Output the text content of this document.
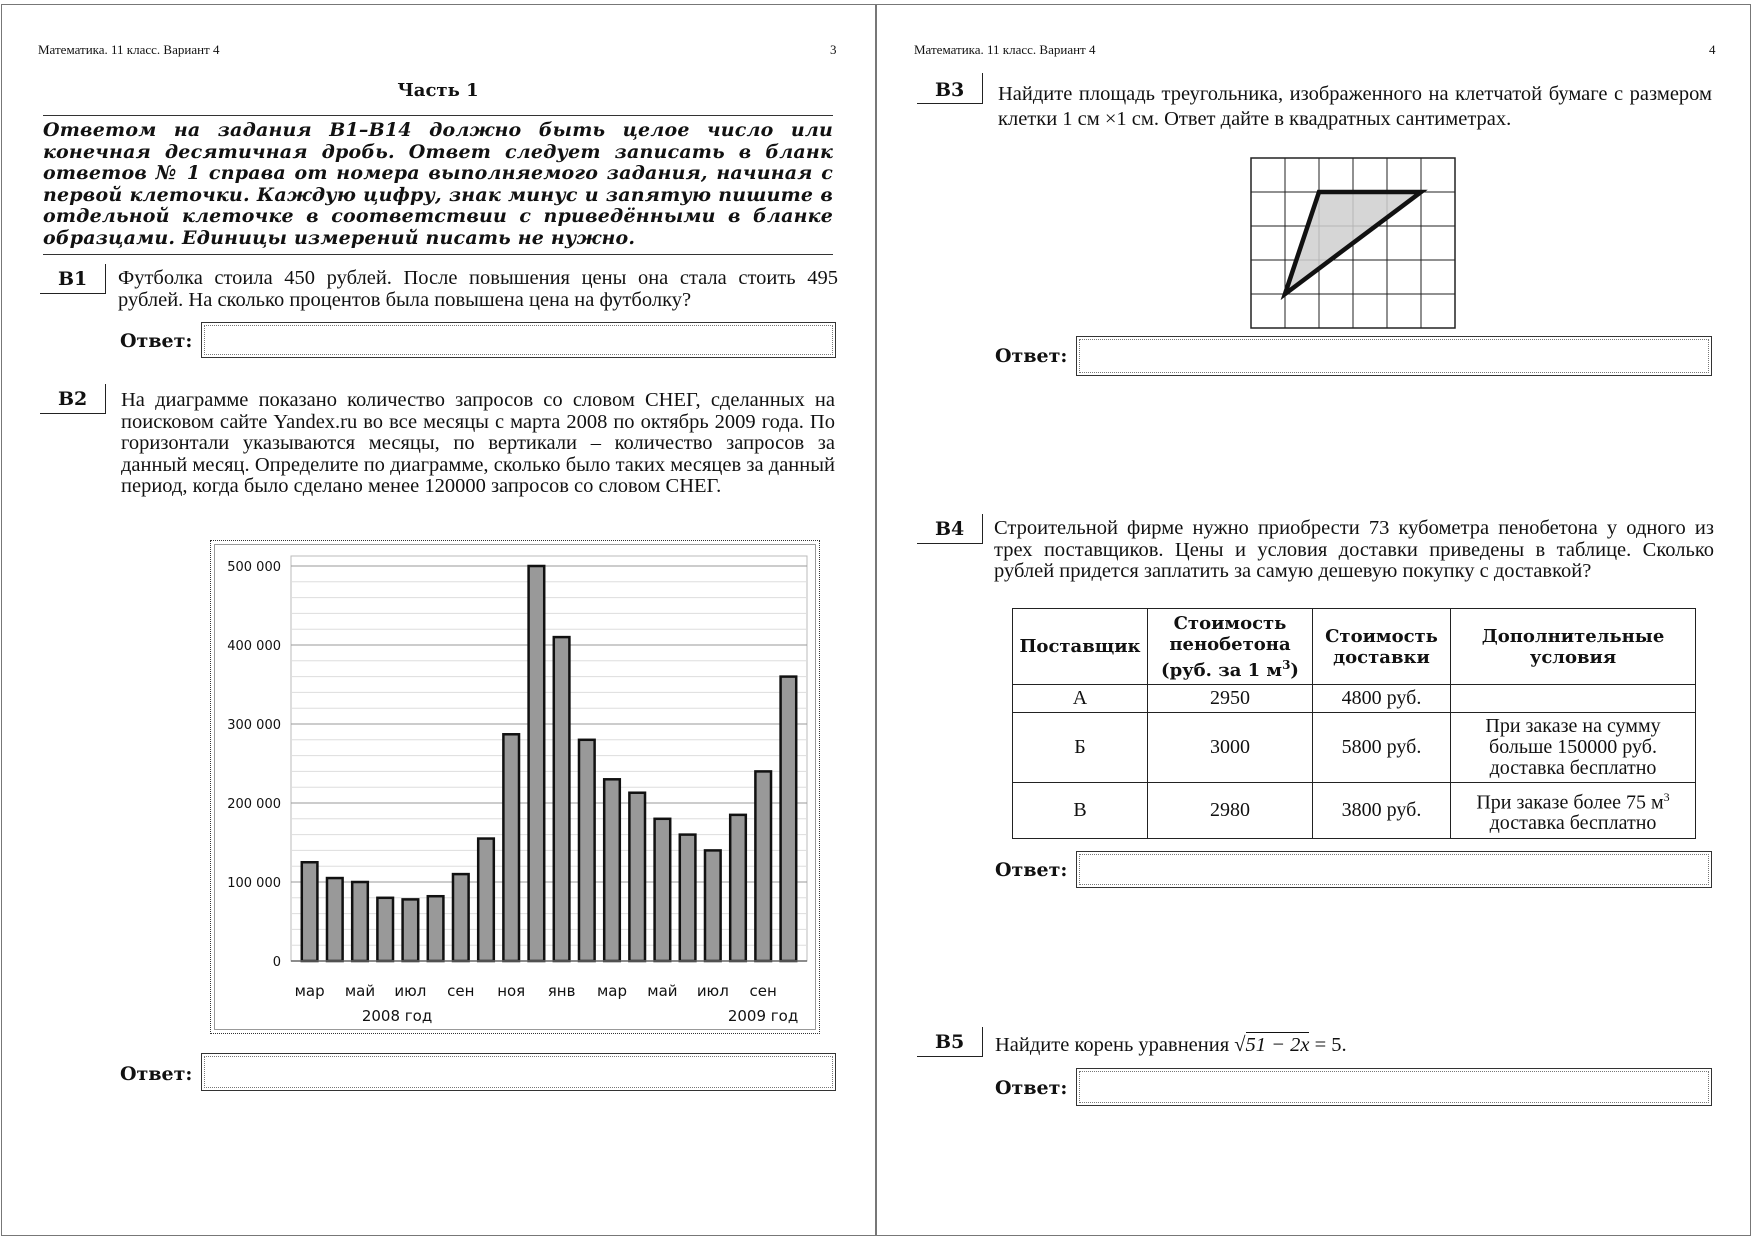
Математика. 11 класс. Вариант 4	3
Часть 1
Ответом на задания В1–В14 должно быть целое число или конечная десятичная дробь. Ответ следует записать в бланк ответов № 1 справа от номера выполняемого задания, начиная с первой клеточки. Каждую цифру, знак минус и запятую пишите в отдельной клеточке в соответствии с приведёнными в бланке образцами. Единицы измерений писать не нужно.
В1 Футболка стоила 450 рублей. После повышения цены она стала стоить 495 рублей. На сколько процентов была повышена цена на футболку?
Ответ:
В2 На диаграмме показано количество запросов со словом СНЕГ, сделанных на поисковом сайте Yandex.ru во все месяцы с марта 2008 по октябрь 2009 года. По горизонтали указываются месяцы, по вертикали – количество запросов за данный месяц. Определите по диаграмме, сколько было таких месяцев за данный период, когда было сделано менее 120000 запросов со словом СНЕГ.
500 000
400 000
300 000
200 000
100 000
0
мар май июл сен ноя янв мар май июл сен
2008 год	2009 год
Ответ:
Математика. 11 класс. Вариант 4	4
В3 Найдите площадь треугольника, изображенного на клетчатой бумаге с размером клетки 1 см ×1 см. Ответ дайте в квадратных сантиметрах.
Ответ:
В4 Строительной фирме нужно приобрести 73 кубометра пенобетона у одного из трех поставщиков. Цены и условия доставки приведены в таблице. Сколько рублей придется заплатить за самую дешевую покупку с доставкой?
Поставщик	Стоимость пенобетона (руб. за 1 $м^3$)	Стоимость доставки	Дополнительные условия
А	2950	4800 руб.	
Б	3000	5800 руб.	При заказе на сумму больше 150000 руб. доставка бесплатно
В	2980	3800 руб.	При заказе более 75 $м^3$
доставка бесплатно
Ответ:
В5 Найдите корень уравнения √51 − 2x = 5.
Ответ:
